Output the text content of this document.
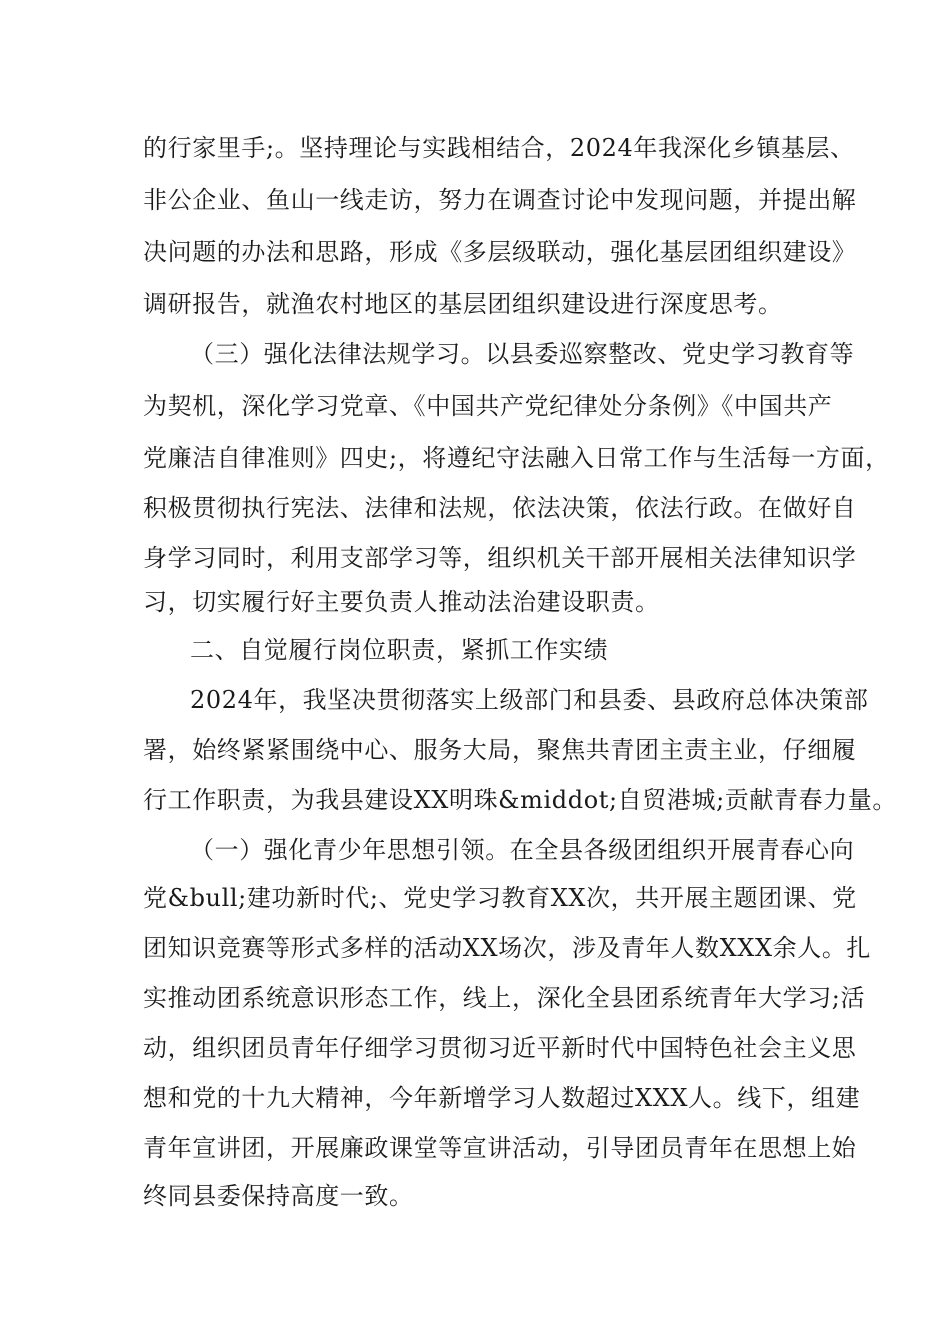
的行家里手;。坚持理论与实践相结合，2024年我深化乡镇基层、
非公企业、鱼山一线走访，努力在调查讨论中发现问题，并提出解
决问题的办法和思路，形成《多层级联动，强化基层团组织建设》
调研报告，就渔农村地区的基层团组织建设进行深度思考。
（三）强化法律法规学习。以县委巡察整改、党史学习教育等
为契机，深化学习党章、《中国共产党纪律处分条例》《中国共产
党廉洁自律准则》四史;，将遵纪守法融入日常工作与生活每一方面，
积极贯彻执行宪法、法律和法规，依法决策，依法行政。在做好自
身学习同时，利用支部学习等，组织机关干部开展相关法律知识学
习，切实履行好主要负责人推动法治建设职责。
二、自觉履行岗位职责，紧抓工作实绩
2024年，我坚决贯彻落实上级部门和县委、县政府总体决策部
署，始终紧紧围绕中心、服务大局，聚焦共青团主责主业，仔细履
行工作职责，为我县建设XX明珠&middot;自贸港城;贡献青春力量。
（一）强化青少年思想引领。在全县各级团组织开展青春心向
党&bull;建功新时代;、党史学习教育XX次，共开展主题团课、党
团知识竞赛等形式多样的活动XX场次，涉及青年人数XXX余人。扎
实推动团系统意识形态工作，线上，深化全县团系统青年大学习;活
动，组织团员青年仔细学习贯彻习近平新时代中国特色社会主义思
想和党的十九大精神，今年新增学习人数超过XXX人。线下，组建
青年宣讲团，开展廉政课堂等宣讲活动，引导团员青年在思想上始
终同县委保持高度一致。
